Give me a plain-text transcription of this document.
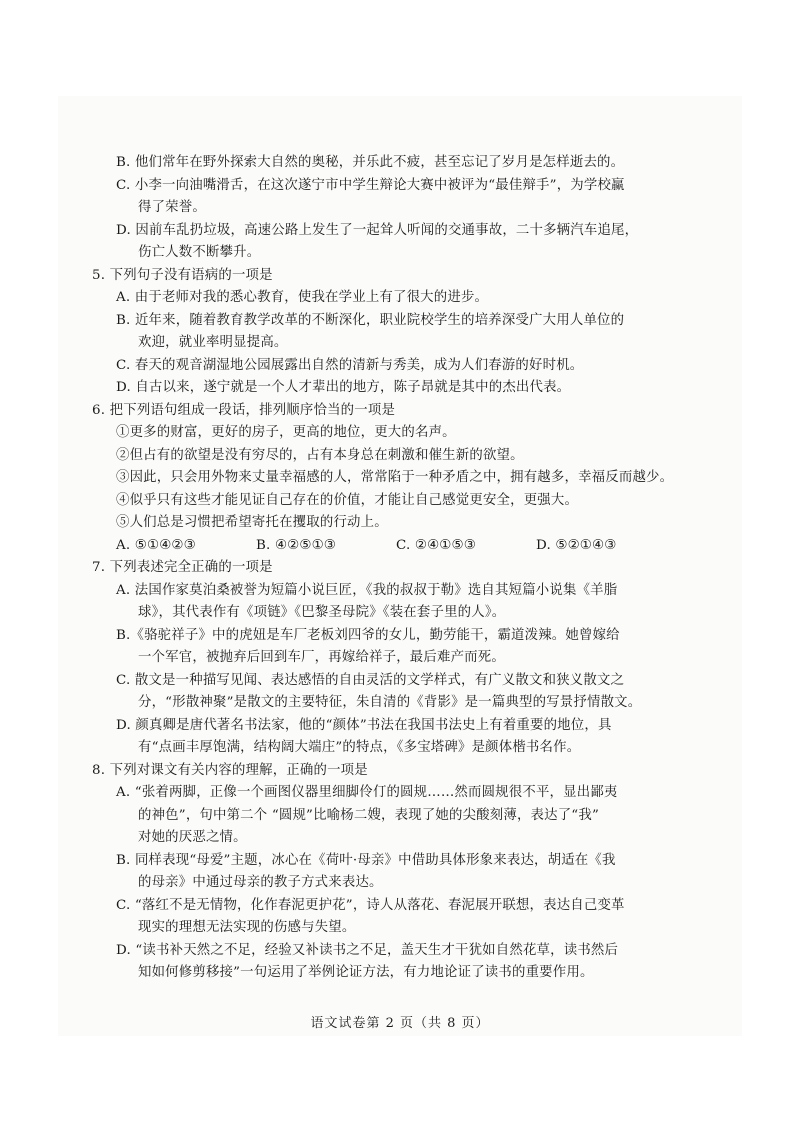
B. 他们常年在野外探索大自然的奥秘，并乐此不疲，甚至忘记了岁月是怎样逝去的。
C. 小李一向油嘴滑舌，在这次遂宁市中学生辩论大赛中被评为“最佳辩手”，为学校赢
得了荣誉。
D. 因前车乱扔垃圾，高速公路上发生了一起耸人听闻的交通事故，二十多辆汽车追尾，
伤亡人数不断攀升。
5. 下列句子没有语病的一项是
A. 由于老师对我的悉心教育，使我在学业上有了很大的进步。
B. 近年来，随着教育教学改革的不断深化，职业院校学生的培养深受广大用人单位的
欢迎，就业率明显提高。
C. 春天的观音湖湿地公园展露出自然的清新与秀美，成为人们春游的好时机。
D. 自古以来，遂宁就是一个人才辈出的地方，陈子昂就是其中的杰出代表。
6. 把下列语句组成一段话，排列顺序恰当的一项是
①更多的财富，更好的房子，更高的地位，更大的名声。
②但占有的欲望是没有穷尽的，占有本身总在刺激和催生新的欲望。
③因此，只会用外物来丈量幸福感的人，常常陷于一种矛盾之中，拥有越多，幸福反而越少。
④似乎只有这些才能见证自己存在的价值，才能让自己感觉更安全，更强大。
⑤人们总是习惯把希望寄托在攫取的行动上。
A. ⑤①④②③	B. ④②⑤①③	C. ②④①⑤③	D. ⑤②①④③
7. 下列表述完全正确的一项是
A. 法国作家莫泊桑被誉为短篇小说巨匠，《我的叔叔于勒》选自其短篇小说集《羊脂
球》，其代表作有《项链》《巴黎圣母院》《装在套子里的人》。
B.《骆驼祥子》中的虎妞是车厂老板刘四爷的女儿，勤劳能干，霸道泼辣。她曾嫁给
一个军官，被抛弃后回到车厂，再嫁给祥子，最后难产而死。
C. 散文是一种描写见闻、表达感悟的自由灵活的文学样式，有广义散文和狭义散文之
分，“形散神聚”是散文的主要特征，朱自清的《背影》是一篇典型的写景抒情散文。
D. 颜真卿是唐代著名书法家，他的“颜体”书法在我国书法史上有着重要的地位，具
有“点画丰厚饱满，结构阔大端庄”的特点，《多宝塔碑》是颜体楷书名作。
8. 下列对课文有关内容的理解，正确的一项是
A. “张着两脚，正像一个画图仪器里细脚伶仃的圆规……然而圆规很不平，显出鄙夷
的神色”，句中第二个 “圆规”比喻杨二嫂，表现了她的尖酸刻薄，表达了“我”
对她的厌恶之情。
B. 同样表现“母爱”主题，冰心在《荷叶·母亲》中借助具体形象来表达，胡适在《我
的母亲》中通过母亲的教子方式来表达。
C. “落红不是无情物，化作春泥更护花”，诗人从落花、春泥展开联想，表达自己变革
现实的理想无法实现的伤感与失望。
D. “读书补天然之不足，经验又补读书之不足，盖天生才干犹如自然花草，读书然后
知如何修剪移接”一句运用了举例论证方法，有力地论证了读书的重要作用。
语文试卷第 2 页（共 8 页）
